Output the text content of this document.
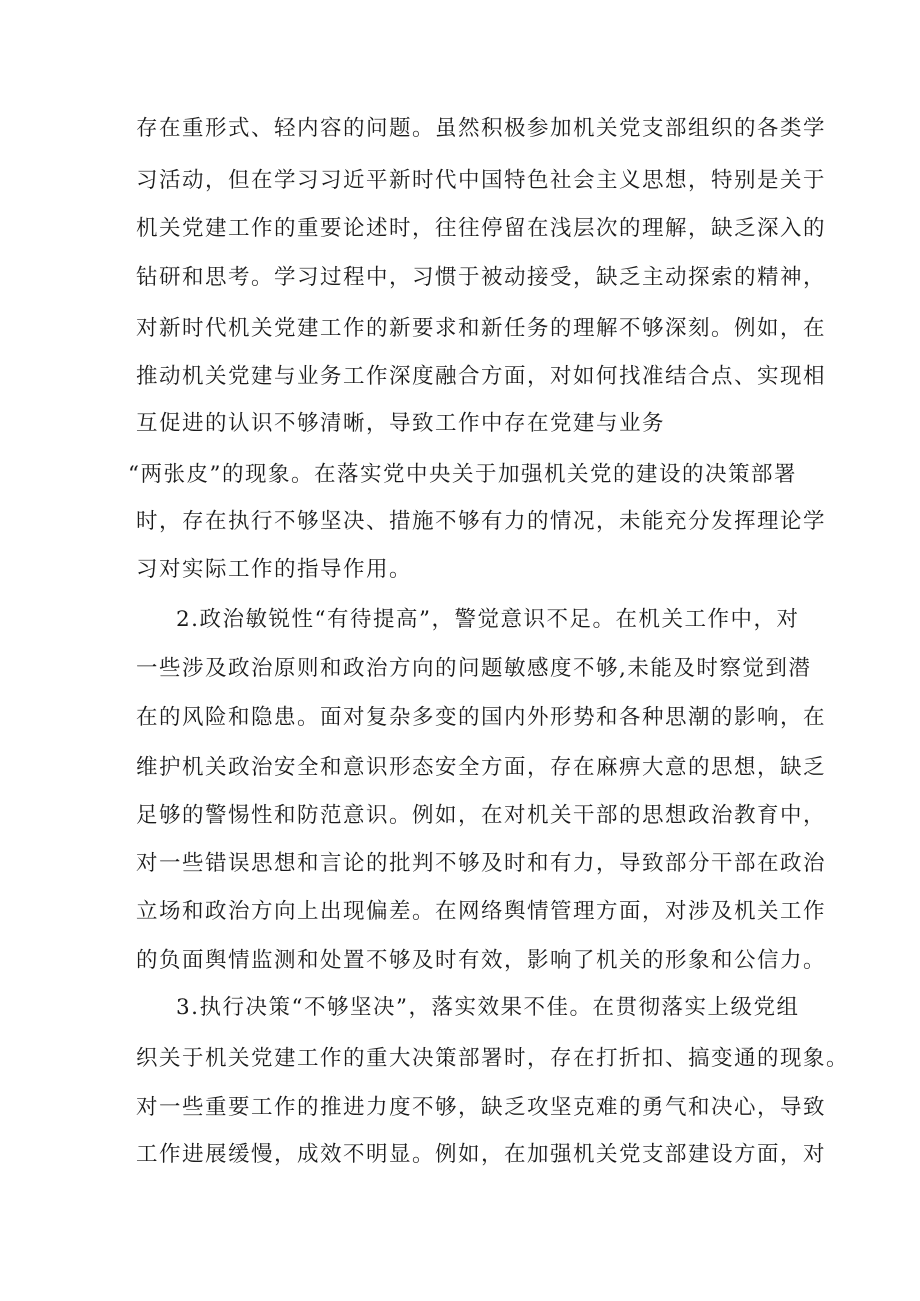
存在重形式、轻内容的问题。虽然积极参加机关党支部组织的各类学
习活动，但在学习习近平新时代中国特色社会主义思想，特别是关于
机关党建工作的重要论述时，往往停留在浅层次的理解，缺乏深入的
钻研和思考。学习过程中，习惯于被动接受，缺乏主动探索的精神，
对新时代机关党建工作的新要求和新任务的理解不够深刻。例如，在
推动机关党建与业务工作深度融合方面，对如何找准结合点、实现相
互促进的认识不够清晰，导致工作中存在党建与业务
“两张皮”的现象。在落实党中央关于加强机关党的建设的决策部署
时，存在执行不够坚决、措施不够有力的情况，未能充分发挥理论学
习对实际工作的指导作用。
2.政治敏锐性“有待提高”，警觉意识不足。在机关工作中，对
一些涉及政治原则和政治方向的问题敏感度不够,未能及时察觉到潜
在的风险和隐患。面对复杂多变的国内外形势和各种思潮的影响，在
维护机关政治安全和意识形态安全方面，存在麻痹大意的思想，缺乏
足够的警惕性和防范意识。例如，在对机关干部的思想政治教育中，
对一些错误思想和言论的批判不够及时和有力，导致部分干部在政治
立场和政治方向上出现偏差。在网络舆情管理方面，对涉及机关工作
的负面舆情监测和处置不够及时有效，影响了机关的形象和公信力。
3.执行决策“不够坚决”，落实效果不佳。在贯彻落实上级党组
织关于机关党建工作的重大决策部署时，存在打折扣、搞变通的现象。
对一些重要工作的推进力度不够，缺乏攻坚克难的勇气和决心，导致
工作进展缓慢，成效不明显。例如，在加强机关党支部建设方面，对
